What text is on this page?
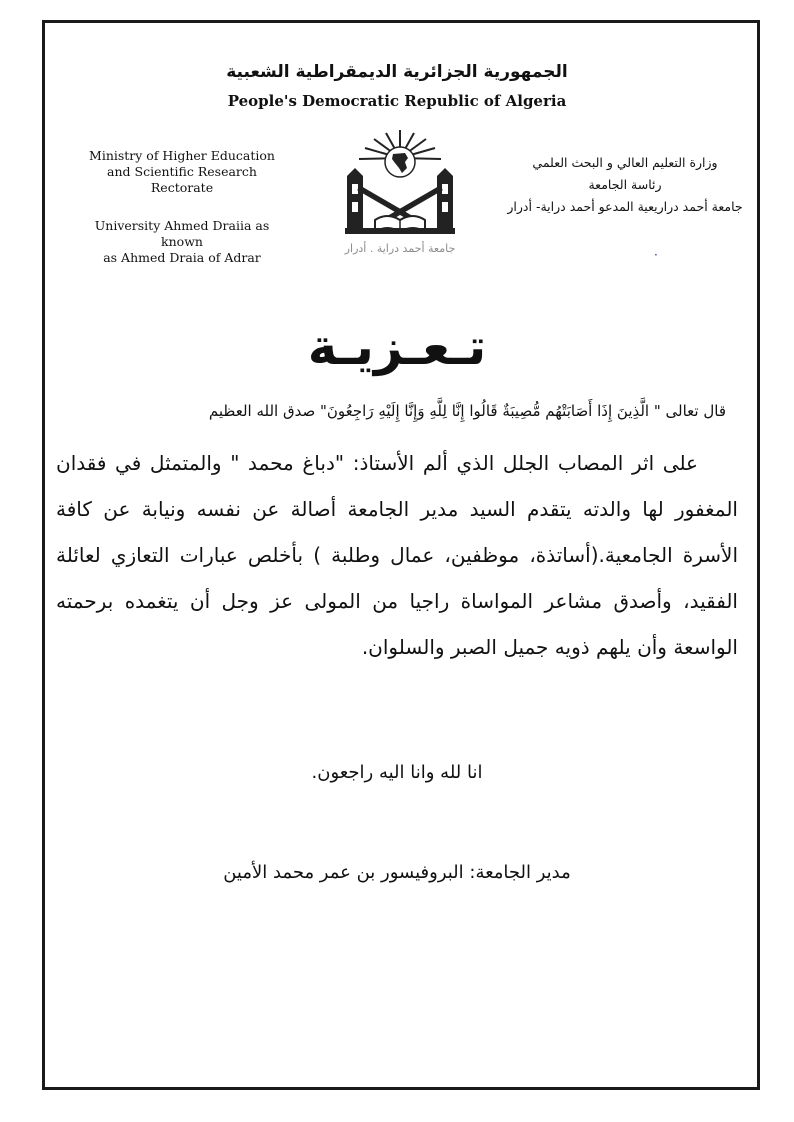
الجمهورية الجزائرية الديمقراطية الشعبية
People's Democratic Republic of Algeria
Ministry of Higher Education
and Scientific Research
Rectorate
University Ahmed Draiia as known
as Ahmed Draia of Adrar
جامعة أحمد دراية . أدرار
وزارة التعليم العالي و البحث العلمي
رئاسة الجامعة
جامعة أحمد دراريعية المدعو أحمد دراية- أدرار
·
تـعـزيـة
قال تعالى " الَّذِينَ إِذَا أَصَابَتْهُم مُّصِيبَةٌ قَالُوا إِنَّا لِلَّهِ وَإِنَّا إِلَيْهِ رَاجِعُونَ" صدق الله العظيم

على اثر المصاب الجلل الذي ألم الأستاذ: "دباغ محمد " والمتمثل في فقدان المغفور لها والدته يتقدم السيد مدير الجامعة أصالة عن نفسه ونيابة عن كافة الأسرة الجامعية.(أساتذة، موظفين، عمال وطلبة ) بأخلص عبارات التعازي لعائلة الفقيد، وأصدق مشاعر المواساة راجيا من المولى عز وجل أن يتغمده برحمته الواسعة وأن يلهم ذويه جميل الصبر والسلوان.

انا لله وانا اليه راجعون.
مدير الجامعة: البروفيسور بن عمر محمد الأمين
